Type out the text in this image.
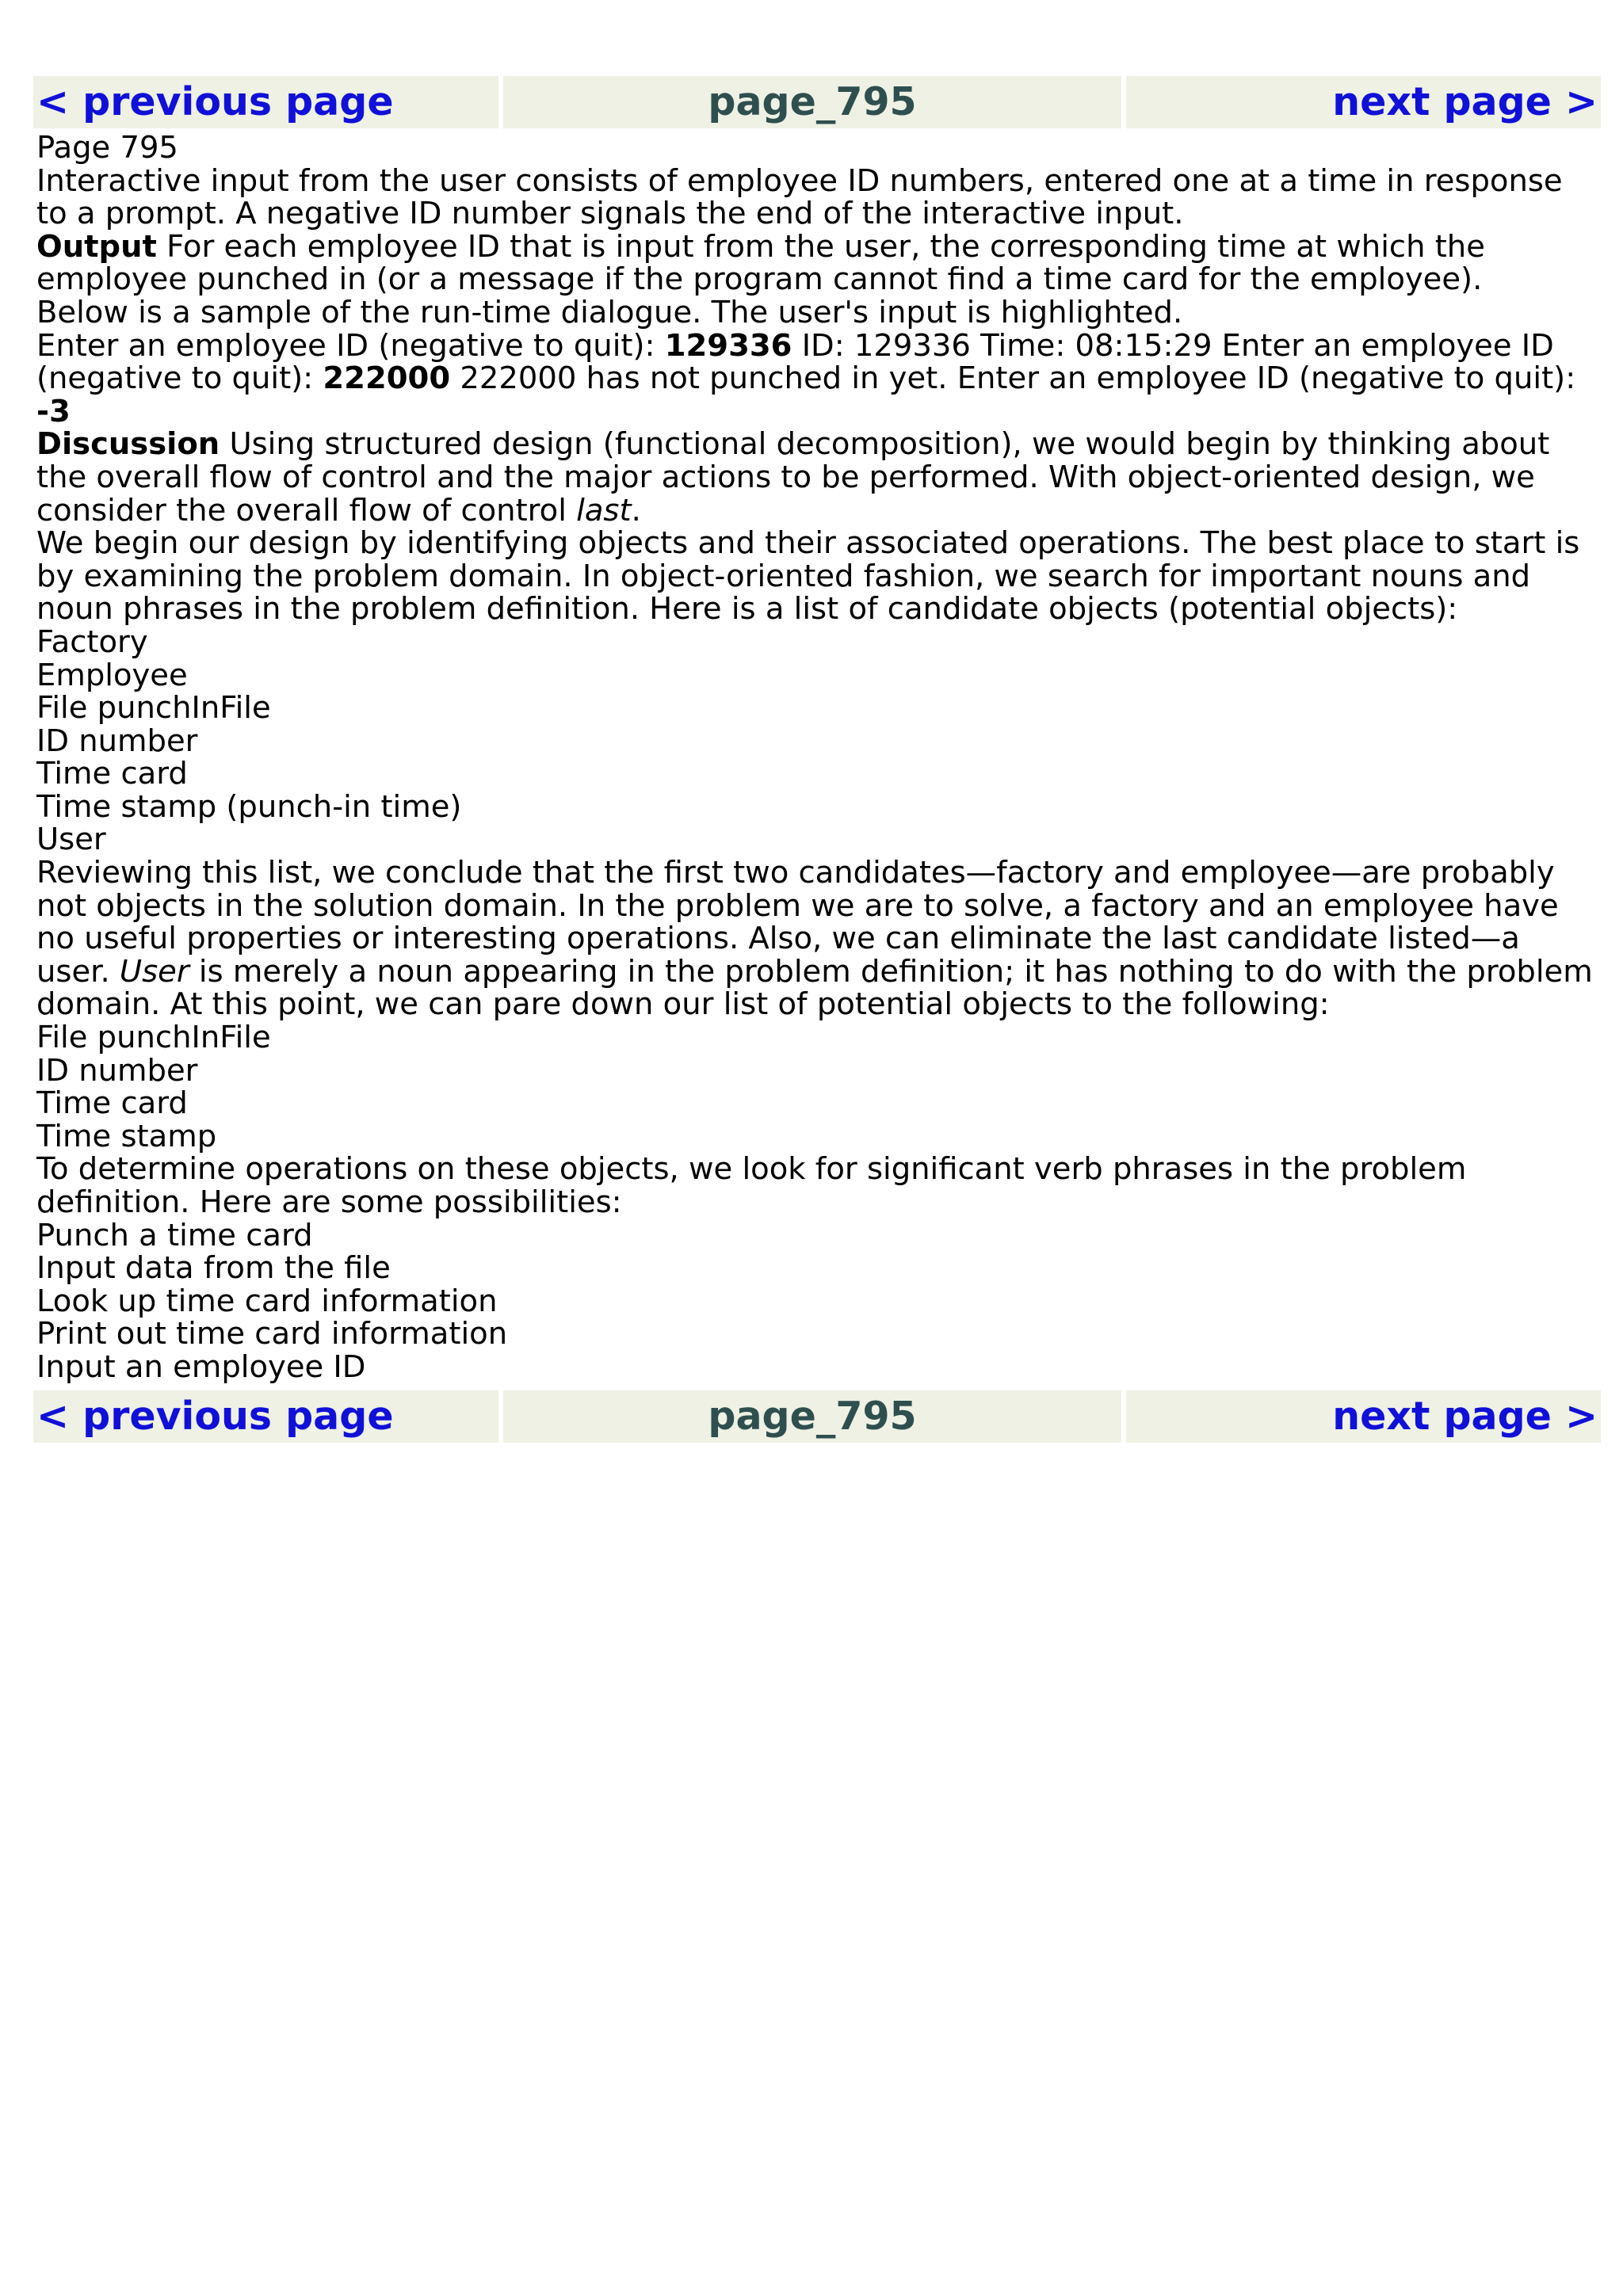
< previous page	page_795	next page >
Page 795
Interactive input from the user consists of employee ID numbers, entered one at a time in response to a prompt. A negative ID number signals the end of the interactive input.
Output For each employee ID that is input from the user, the corresponding time at which the employee punched in (or a message if the program cannot find a time card for the employee).
Below is a sample of the run-time dialogue. The user's input is highlighted.
Enter an employee ID (negative to quit): 129336 ID: 129336 Time: 08:15:29 Enter an employee ID (negative to quit): 222000 222000 has not punched in yet. Enter an employee ID (negative to quit): -3
Discussion Using structured design (functional decomposition), we would begin by thinking about the overall flow of control and the major actions to be performed. With object-oriented design, we consider the overall flow of control last.
We begin our design by identifying objects and their associated operations. The best place to start is by examining the problem domain. In object-oriented fashion, we search for important nouns and noun phrases in the problem definition. Here is a list of candidate objects (potential objects):
Factory
Employee
File punchInFile
ID number
Time card
Time stamp (punch-in time)
User
Reviewing this list, we conclude that the first two candidates—factory and employee—are probably not objects in the solution domain. In the problem we are to solve, a factory and an employee have no useful properties or interesting operations. Also, we can eliminate the last candidate listed—a user. User is merely a noun appearing in the problem definition; it has nothing to do with the problem domain. At this point, we can pare down our list of potential objects to the following:
File punchInFile
ID number
Time card
Time stamp
To determine operations on these objects, we look for significant verb phrases in the problem definition. Here are some possibilities:
Punch a time card
Input data from the file
Look up time card information
Print out time card information
Input an employee ID
< previous page	page_795	next page >
